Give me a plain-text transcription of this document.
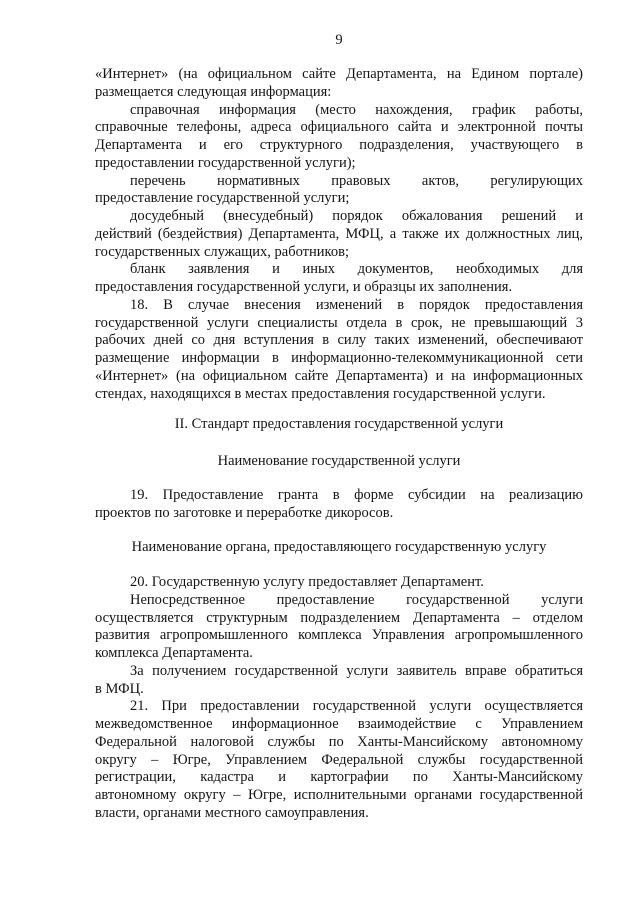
9
«Интернет» (на официальном сайте Департамента, на Едином портале)
размещается следующая информация:
справочная информация (место нахождения, график работы,
справочные телефоны, адреса официального сайта и электронной почты
Департамента и его структурного подразделения, участвующего в
предоставлении государственной услуги);
перечень нормативных правовых актов, регулирующих
предоставление государственной услуги;
досудебный (внесудебный) порядок обжалования решений и
действий (бездействия) Департамента, МФЦ, а также их должностных лиц,
государственных служащих, работников;
бланк заявления и иных документов, необходимых для
предоставления государственной услуги, и образцы их заполнения.
18. В случае внесения изменений в порядок предоставления
государственной услуги специалисты отдела в срок, не превышающий 3
рабочих дней со дня вступления в силу таких изменений, обеспечивают
размещение информации в информационно-телекоммуникационной сети
«Интернет» (на официальном сайте Департамента) и на информационных
стендах, находящихся в местах предоставления государственной услуги.
II. Стандарт предоставления государственной услуги
Наименование государственной услуги
19. Предоставление гранта в форме субсидии на реализацию
проектов по заготовке и переработке дикоросов.
Наименование органа, предоставляющего государственную услугу
20. Государственную услугу предоставляет Департамент.
Непосредственное предоставление государственной услуги
осуществляется структурным подразделением Департамента – отделом
развития агропромышленного комплекса Управления агропромышленного
комплекса Департамента.
За получением государственной услуги заявитель вправе обратиться
в МФЦ.
21. При предоставлении государственной услуги осуществляется
межведомственное информационное взаимодействие с Управлением
Федеральной налоговой службы по Ханты-Мансийскому автономному
округу – Югре, Управлением Федеральной службы государственной
регистрации, кадастра и картографии по Ханты-Мансийскому
автономному округу – Югре, исполнительными органами государственной
власти, органами местного самоуправления.
